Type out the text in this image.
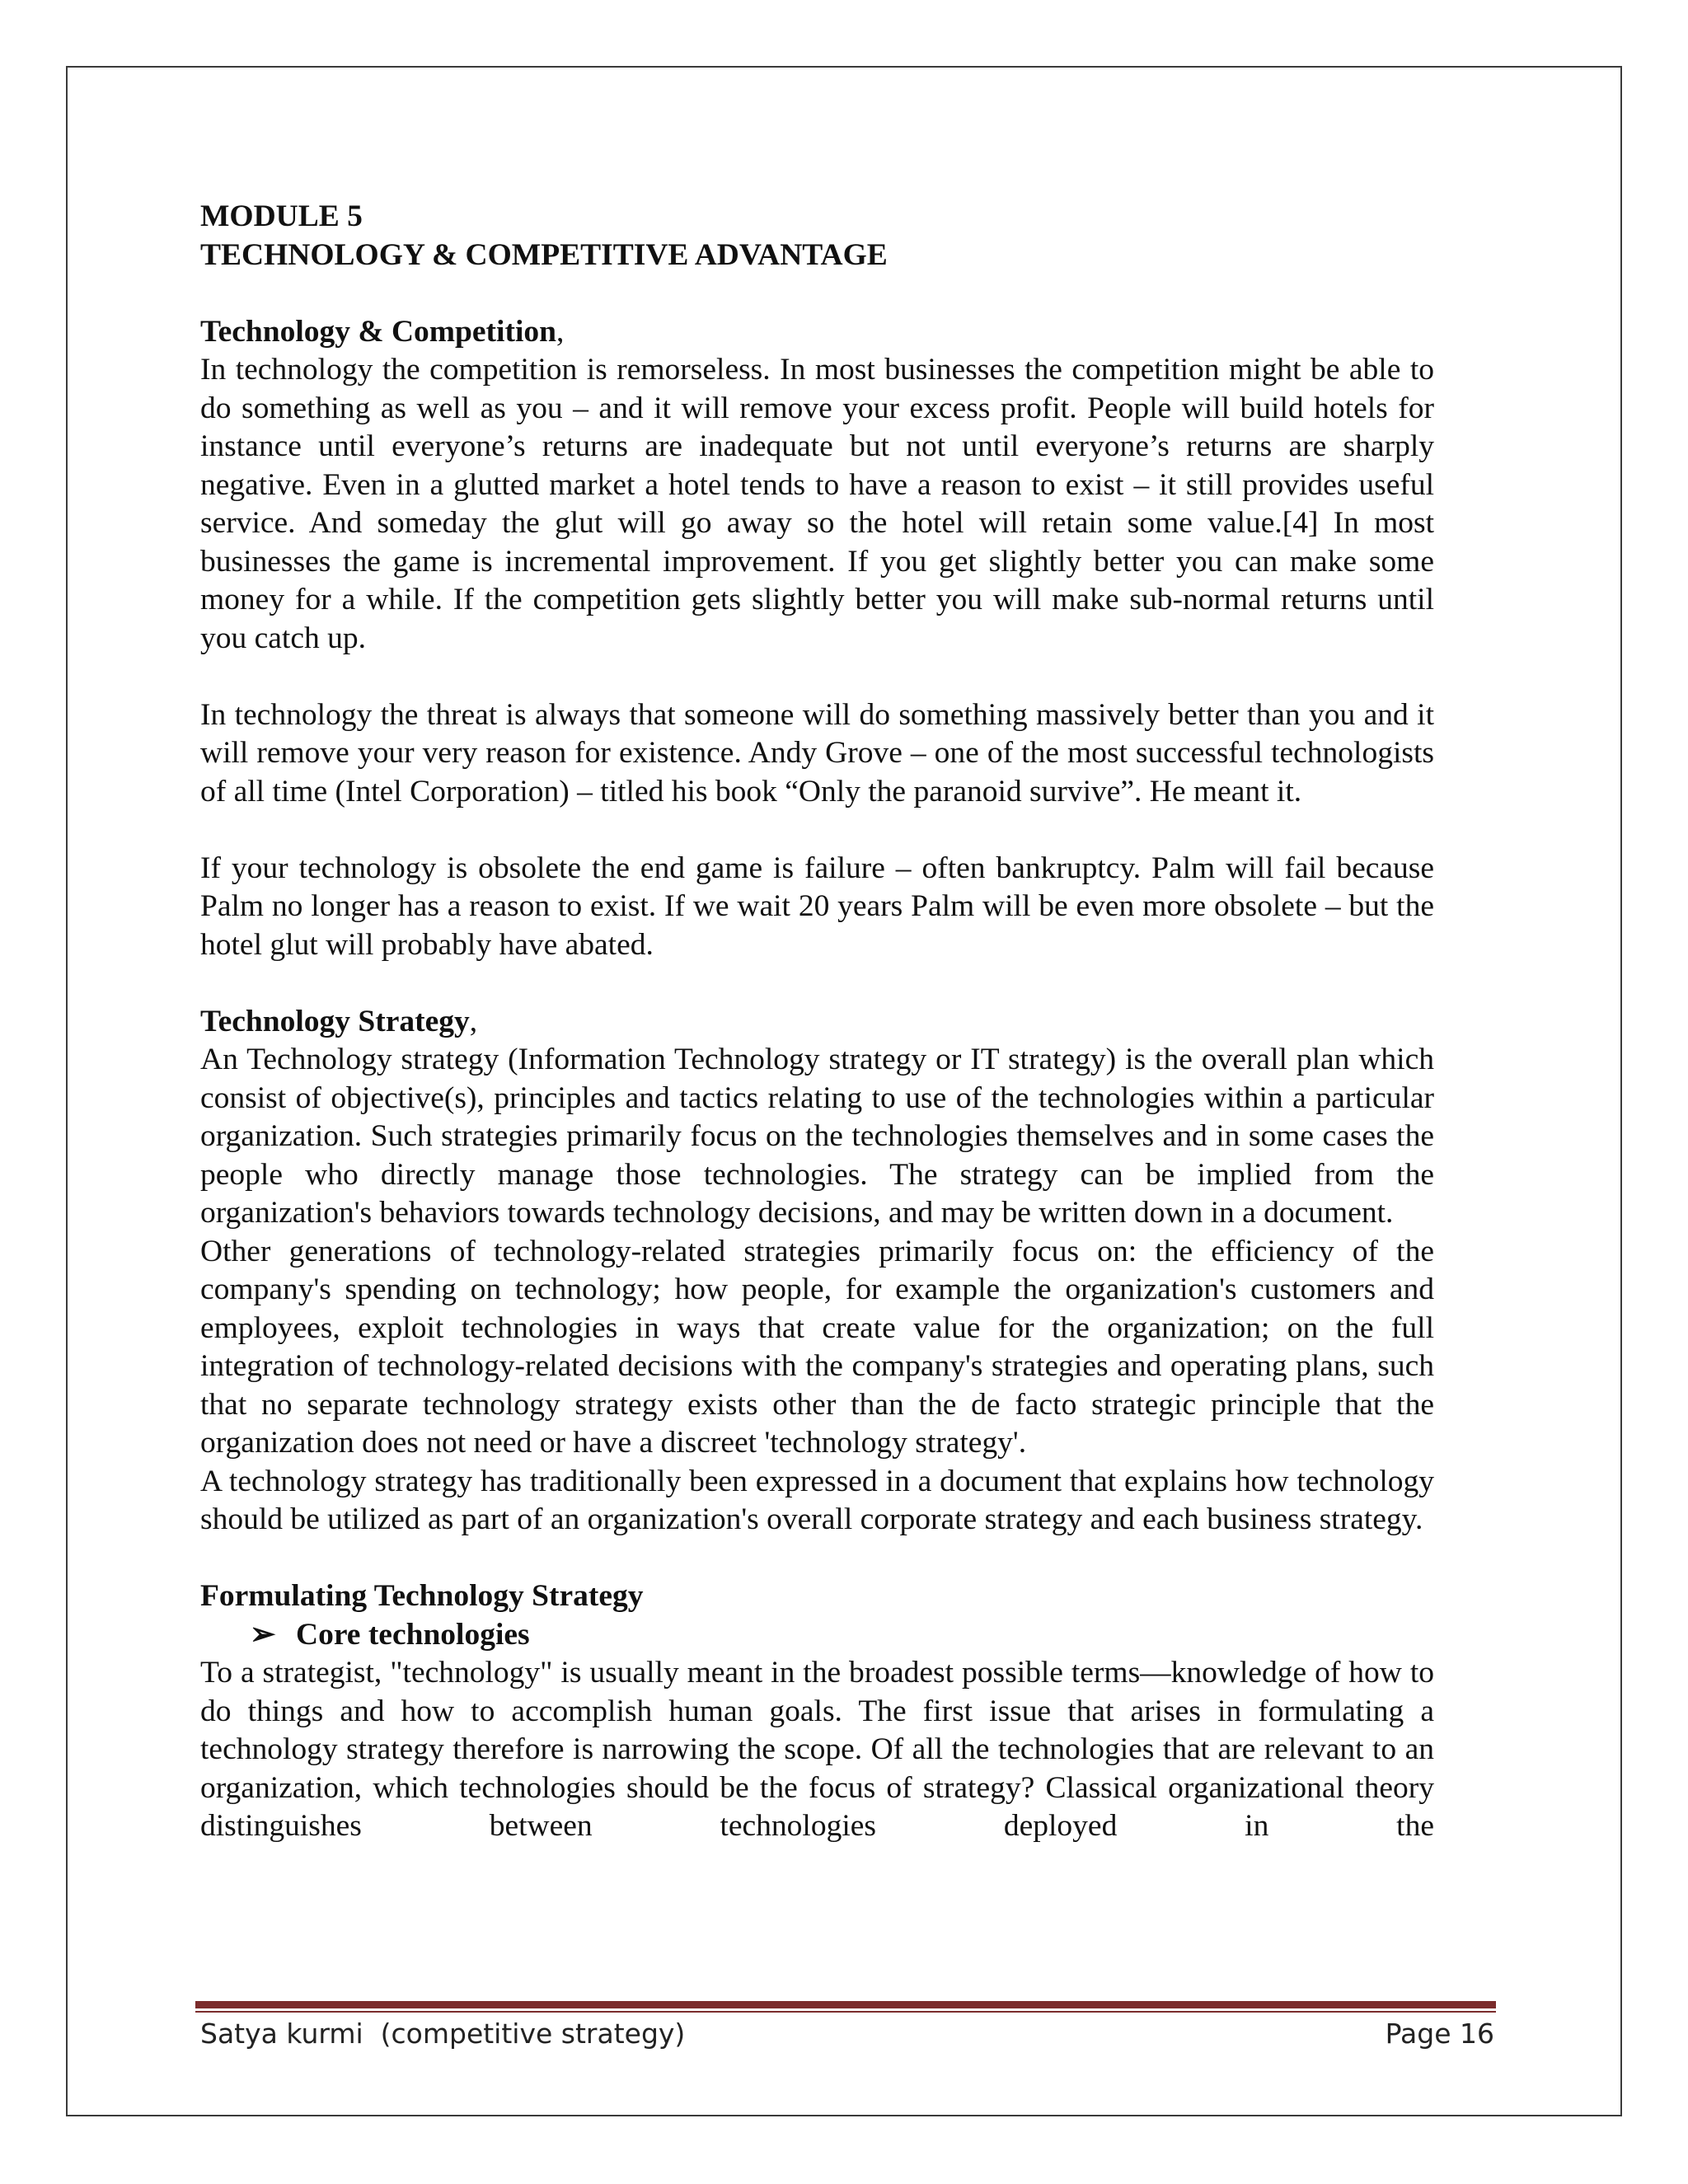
MODULE 5

TECHNOLOGY & COMPETITIVE ADVANTAGE

Technology & Competition,

In technology the competition is remorseless. In most businesses the competition might be able to do something as well as you – and it will remove your excess profit. People will build hotels for instance until everyone’s returns are inadequate but not until everyone’s returns are sharply negative. Even in a glutted market a hotel tends to have a reason to exist – it still provides useful service. And someday the glut will go away so the hotel will retain some value.[4] In most businesses the game is incremental improvement. If you get slightly better you can make some money for a while. If the competition gets slightly better you will make sub-normal returns until you catch up.

In technology the threat is always that someone will do something massively better than you and it will remove your very reason for existence. Andy Grove – one of the most successful technologists of all time (Intel Corporation) – titled his book “Only the paranoid survive”. He meant it.

If your technology is obsolete the end game is failure – often bankruptcy. Palm will fail because Palm no longer has a reason to exist. If we wait 20 years Palm will be even more obsolete – but the hotel glut will probably have abated.

Technology Strategy,

An Technology strategy (Information Technology strategy or IT strategy) is the overall plan which consist of objective(s), principles and tactics relating to use of the technologies within a particular organization. Such strategies primarily focus on the technologies themselves and in some cases the people who directly manage those technologies. The strategy can be implied from the organization's behaviors towards technology decisions, and may be written down in a document.

Other generations of technology-related strategies primarily focus on: the efficiency of the company's spending on technology; how people, for example the organization's customers and employees, exploit technologies in ways that create value for the organization; on the full integration of technology-related decisions with the company's strategies and operating plans, such that no separate technology strategy exists other than the de facto strategic principle that the organization does not need or have a discreet 'technology strategy'.

A technology strategy has traditionally been expressed in a document that explains how technology should be utilized as part of an organization's overall corporate strategy and each business strategy.

Formulating Technology Strategy

➢ Core technologies

To a strategist, "technology" is usually meant in the broadest possible terms—knowledge of how to do things and how to accomplish human goals. The first issue that arises in formulating a technology strategy therefore is narrowing the scope. Of all the technologies that are relevant to an organization, which technologies should be the focus of strategy? Classical organizational theory distinguishes between technologies deployed in the

Satya kurmi  (competitive strategy)	Page 16
